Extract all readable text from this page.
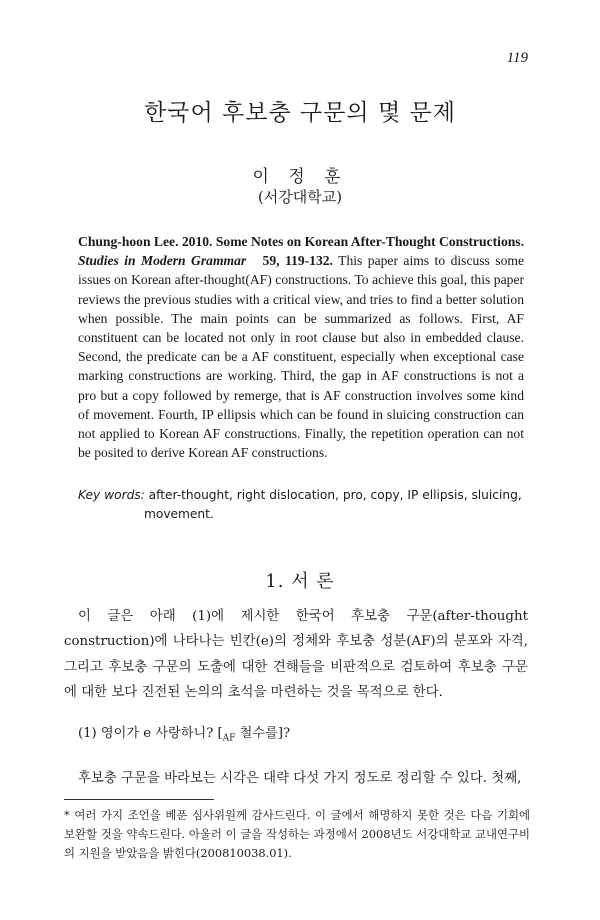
119
한국어 후보충 구문의 몇 문제
이 정 훈
(서강대학교)
Chung-hoon Lee. 2010. Some Notes on Korean After-Thought Constructions. Studies in Modern Grammar 59, 119-132. This paper aims to discuss some issues on Korean after-thought(AF) constructions. To achieve this goal, this paper reviews the previous studies with a critical view, and tries to find a better solution when possible. The main points can be summarized as follows. First, AF constituent can be located not only in root clause but also in embedded clause. Second, the predicate can be a AF constituent, especially when exceptional case marking constructions are working. Third, the gap in AF constructions is not a pro but a copy followed by remerge, that is AF construction involves some kind of movement. Fourth, IP ellipsis which can be found in sluicing construction can not applied to Korean AF constructions. Finally, the repetition operation can not be posited to derive Korean AF constructions.
Key words: after-thought, right dislocation, pro, copy, IP ellipsis, sluicing,
movement.
1. 서 론
이 글은 아래 (1)에 제시한 한국어 후보충 구문(after-thought construction)에 나타나는 빈칸(e)의 정체와 후보충 성분(AF)의 분포와 자격, 그리고 후보충 구문의 도출에 대한 견해들을 비판적으로 검토하여 후보충 구문에 대한 보다 진전된 논의의 초석을 마련하는 것을 목적으로 한다.
(1) 영이가 e 사랑하니? [$_{AF}$ 철수를]?
후보충 구문을 바라보는 시각은 대략 다섯 가지 정도로 정리할 수 있다. 첫째,
* 여러 가지 조언을 베푼 심사위원께 감사드린다. 이 글에서 해명하지 못한 것은 다음 기회에 보완할 것을 약속드린다. 아울러 이 글을 작성하는 과정에서 2008년도 서강대학교 교내연구비의 지원을 받았음을 밝힌다(200810038.01).
